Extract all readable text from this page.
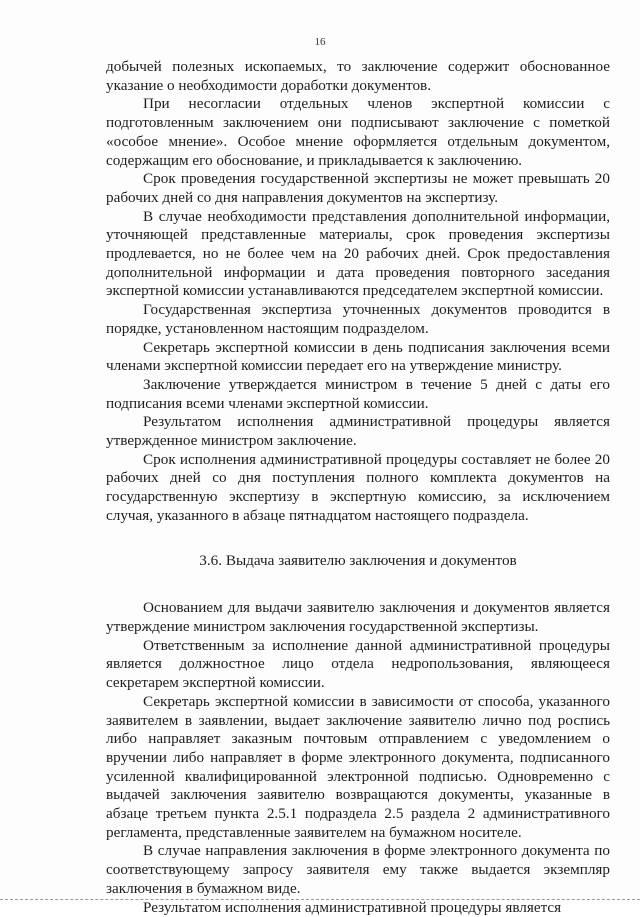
16

добычей полезных ископаемых, то заключение содержит обоснованное указание о необходимости доработки документов.

При несогласии отдельных членов экспертной комиссии с подготовленным заключением они подписывают заключение с пометкой «особое мнение». Особое мнение оформляется отдельным документом, содержащим его обоснование, и прикладывается к заключению.

Срок проведения государственной экспертизы не может превышать 20 рабочих дней со дня направления документов на экспертизу.

В случае необходимости представления дополнительной информации, уточняющей представленные материалы, срок проведения экспертизы продлевается, но не более чем на 20 рабочих дней. Срок предоставления дополнительной информации и дата проведения повторного заседания экспертной комиссии устанавливаются председателем экспертной комиссии.

Государственная экспертиза уточненных документов проводится в порядке, установленном настоящим подразделом.

Секретарь экспертной комиссии в день подписания заключения всеми членами экспертной комиссии передает его на утверждение министру.

Заключение утверждается министром в течение 5 дней с даты его подписания всеми членами экспертной комиссии.

Результатом исполнения административной процедуры является утвержденное министром заключение.

Срок исполнения административной процедуры составляет не более 20 рабочих дней со дня поступления полного комплекта документов на государственную экспертизу в экспертную комиссию, за исключением случая, указанного в абзаце пятнадцатом настоящего подраздела.

3.6. Выдача заявителю заключения и документов

Основанием для выдачи заявителю заключения и документов является утверждение министром заключения государственной экспертизы.

Ответственным за исполнение данной административной процедуры является должностное лицо отдела недропользования, являющееся секретарем экспертной комиссии.

Секретарь экспертной комиссии в зависимости от способа, указанного заявителем в заявлении, выдает заключение заявителю лично под роспись либо направляет заказным почтовым отправлением с уведомлением о вручении либо направляет в форме электронного документа, подписанного усиленной квалифицированной электронной подписью. Одновременно с выдачей заключения заявителю возвращаются документы, указанные в абзаце третьем пункта 2.5.1 подраздела 2.5 раздела 2 административного регламента, представленные заявителем на бумажном носителе.

В случае направления заключения в форме электронного документа по соответствующему запросу заявителя ему также выдается экземпляр заключения в бумажном виде.

Результатом исполнения административной процедуры является
